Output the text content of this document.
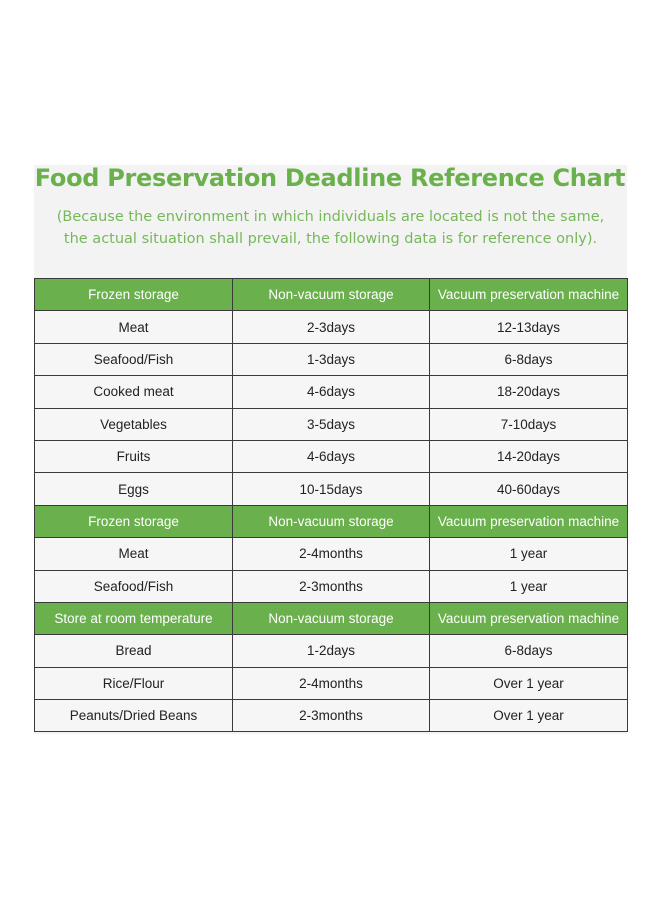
Food Preservation Deadline Reference Chart
(Because the environment in which individuals are located is not the same,
the actual situation shall prevail, the following data is for reference only).
Frozen storage	Non-vacuum storage	Vacuum preservation machine
Meat	2-3days	12-13days
Seafood/Fish	1-3days	6-8days
Cooked meat	4-6days	18-20days
Vegetables	3-5days	7-10days
Fruits	4-6days	14-20days
Eggs	10-15days	40-60days
Frozen storage	Non-vacuum storage	Vacuum preservation machine
Meat	2-4months	1 year
Seafood/Fish	2-3months	1 year
Store at room temperature	Non-vacuum storage	Vacuum preservation machine
Bread	1-2days	6-8days
Rice/Flour	2-4months	Over 1 year
Peanuts/Dried Beans	2-3months	Over 1 year
